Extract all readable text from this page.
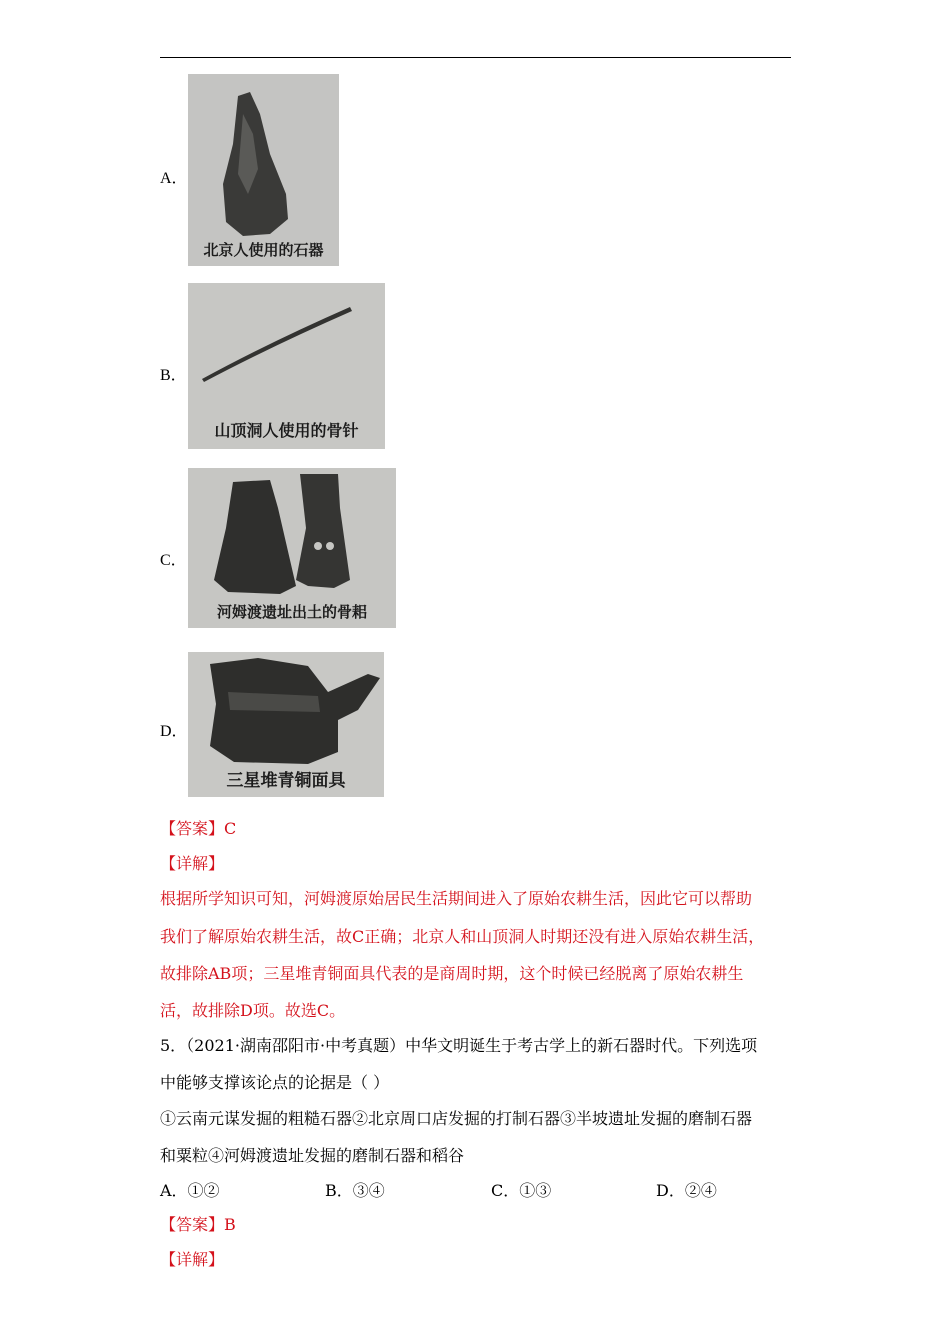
A．
北京人使用的石器
B．
山顶洞人使用的骨针
C．
河姆渡遗址出土的骨耜
D．
三星堆青铜面具
【答案】C
【详解】
根据所学知识可知，河姆渡原始居民生活期间进入了原始农耕生活，因此它可以帮助
我们了解原始农耕生活，故C正确；北京人和山顶洞人时期还没有进入原始农耕生活，
故排除AB项；三星堆青铜面具代表的是商周时期，这个时候已经脱离了原始农耕生
活，故排除D项。故选C。
5．（2021·湖南邵阳市·中考真题）中华文明诞生于考古学上的新石器时代。下列选项
中能够支撑该论点的论据是（ ）
①云南元谋发掘的粗糙石器②北京周口店发掘的打制石器③半坡遗址发掘的磨制石器
和粟粒④河姆渡遗址发掘的磨制石器和稻谷
A．①②	B．③④	C．①③	D．②④
【答案】B
【详解】
